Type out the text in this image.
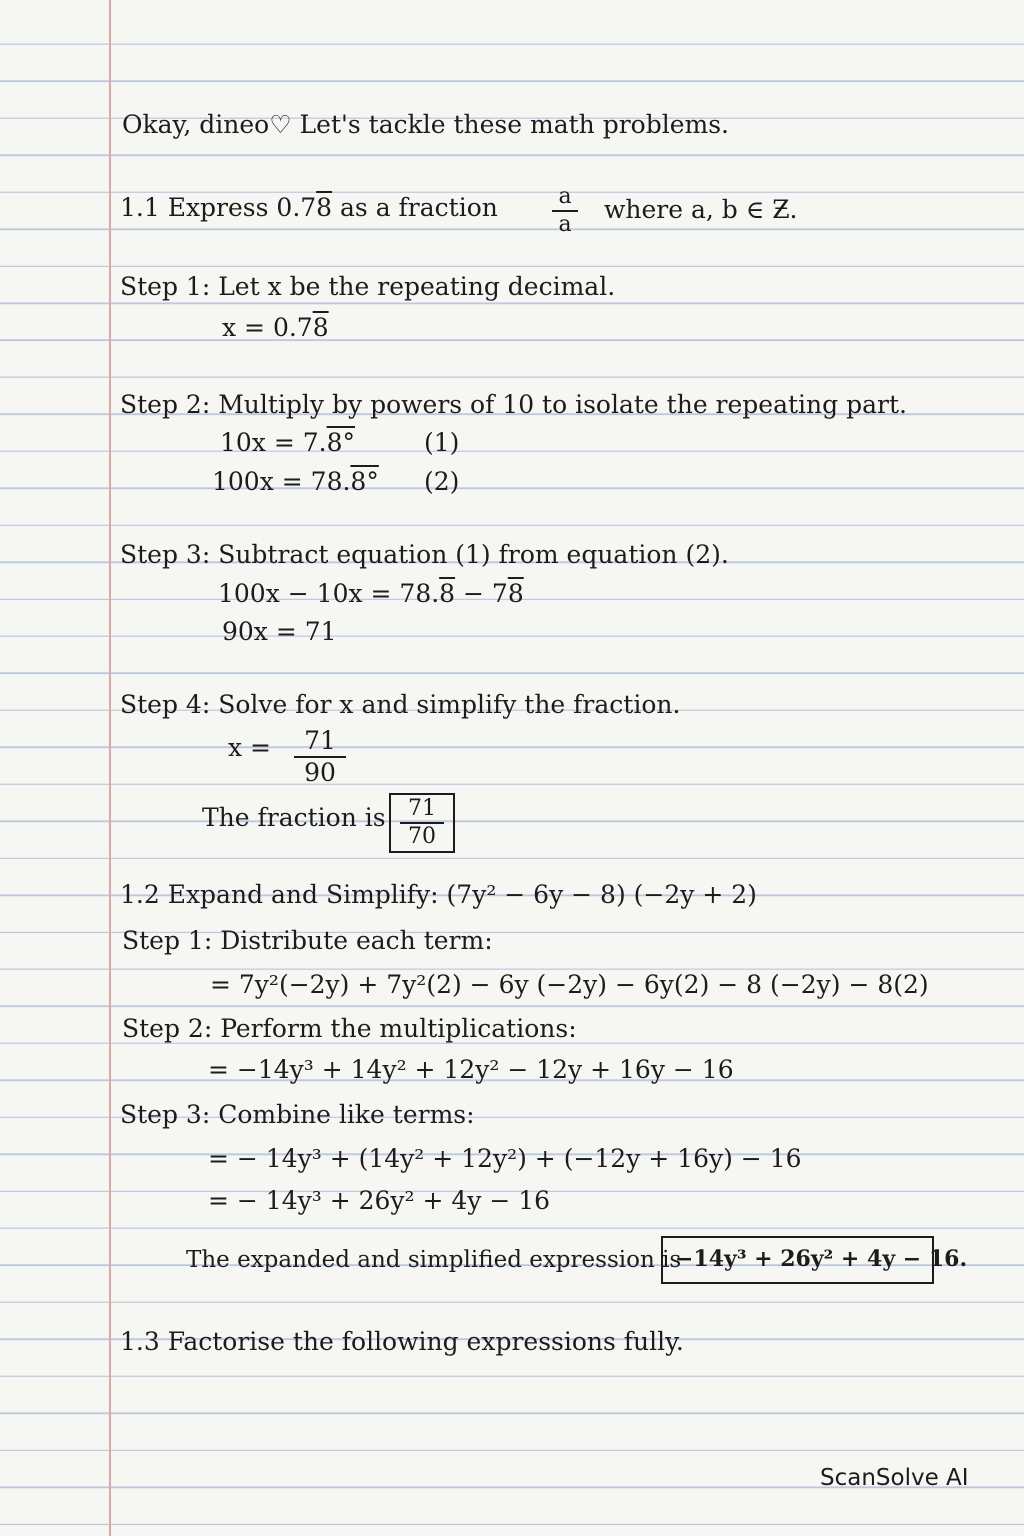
Okay, dineo♡ Let's tackle these math problems.
1.1 Express 0.78 as a fraction	a
a
where a, b ∈ Ƶ.
Step 1: Let x be the repeating decimal.
x = 0.78
Step 2: Multiply by powers of 10 to isolate the repeating part.
10x = 7.8°	(1)
100x = 78.8° (2)
Step 3: Subtract equation (1) from equation (2).
100x − 10x = 78.8 − 78
90x = 71
Step 4: Solve for x and simplify the fraction.
x =	71
90
The fraction is	71
70
1.2 Expand and Simplify: (7y² − 6y − 8) (−2y + 2)
Step 1: Distribute each term:
= 7y²(−2y) + 7y²(2) − 6y (−2y) − 6y(2) − 8 (−2y) − 8(2)
Step 2: Perform the multiplications:
= −14y³ + 14y² + 12y² − 12y + 16y − 16
Step 3: Combine like terms:
= − 14y³ + (14y² + 12y²) + (−12y + 16y) − 16
= − 14y³ + 26y² + 4y − 16
The expanded and simplified expression is
−14y³ + 26y² + 4y − 16.
1.3 Factorise the following expressions fully.
ScanSolve AI
